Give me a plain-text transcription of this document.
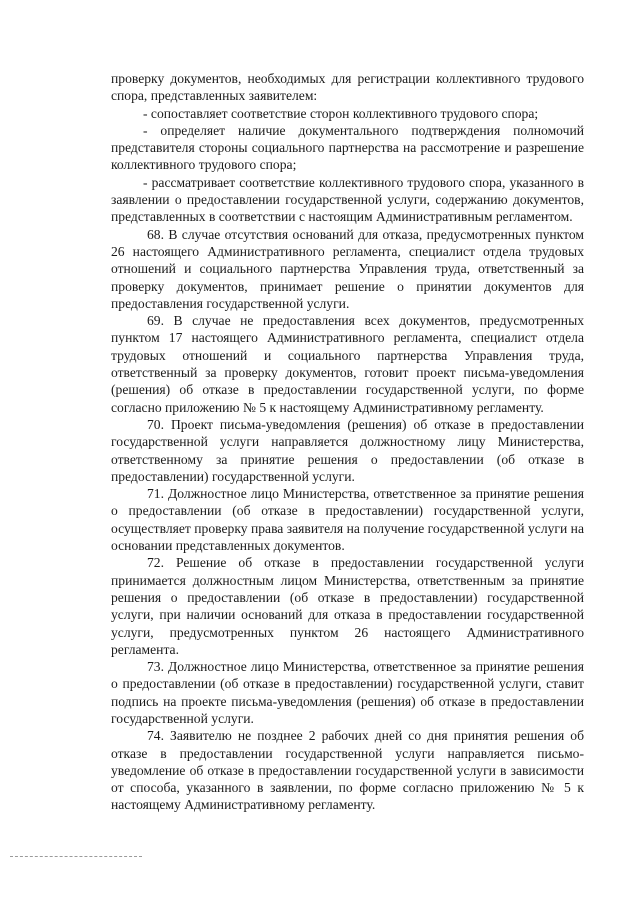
проверку документов, необходимых для регистрации коллективного трудового спора, представленных заявителем:

- сопоставляет соответствие сторон коллективного трудового спора;

- определяет наличие документального подтверждения полномочий представителя стороны социального партнерства на рассмотрение и разрешение коллективного трудового спора;

- рассматривает соответствие коллективного трудового спора, указанного в заявлении о предоставлении государственной услуги, содержанию документов, представленных в соответствии с настоящим Административным регламентом.

68. В случае отсутствия оснований для отказа, предусмотренных пунктом 26 настоящего Административного регламента, специалист отдела трудовых отношений и социального партнерства Управления труда, ответственный за проверку документов, принимает решение о принятии документов для предоставления государственной услуги.

69. В случае не предоставления всех документов, предусмотренных пунктом 17 настоящего Административного регламента, специалист отдела трудовых отношений и социального партнерства Управления труда, ответственный за проверку документов, готовит проект письма-уведомления (решения) об отказе в предоставлении государственной услуги, по форме согласно приложению № 5 к настоящему Административному регламенту.

70. Проект письма-уведомления (решения) об отказе в предоставлении государственной услуги направляется должностному лицу Министерства, ответственному за принятие решения о предоставлении (об отказе в предоставлении) государственной услуги.

71. Должностное лицо Министерства, ответственное за принятие решения о предоставлении (об отказе в предоставлении) государственной услуги, осуществляет проверку права заявителя на получение государственной услуги на основании представленных документов.

72. Решение об отказе в предоставлении государственной услуги принимается должностным лицом Министерства, ответственным за принятие решения о предоставлении (об отказе в предоставлении) государственной услуги, при наличии оснований для отказа в предоставлении государственной услуги, предусмотренных пунктом 26 настоящего Административного регламента.

73. Должностное лицо Министерства, ответственное за принятие решения о предоставлении (об отказе в предоставлении) государственной услуги, ставит подпись на проекте письма-уведомления (решения) об отказе в предоставлении государственной услуги.

74. Заявителю не позднее 2 рабочих дней со дня принятия решения об отказе в предоставлении государственной услуги направляется письмо-уведомление об отказе в предоставлении государственной услуги в зависимости от способа, указанного в заявлении, по форме согласно приложению № 5 к настоящему Административному регламенту.
